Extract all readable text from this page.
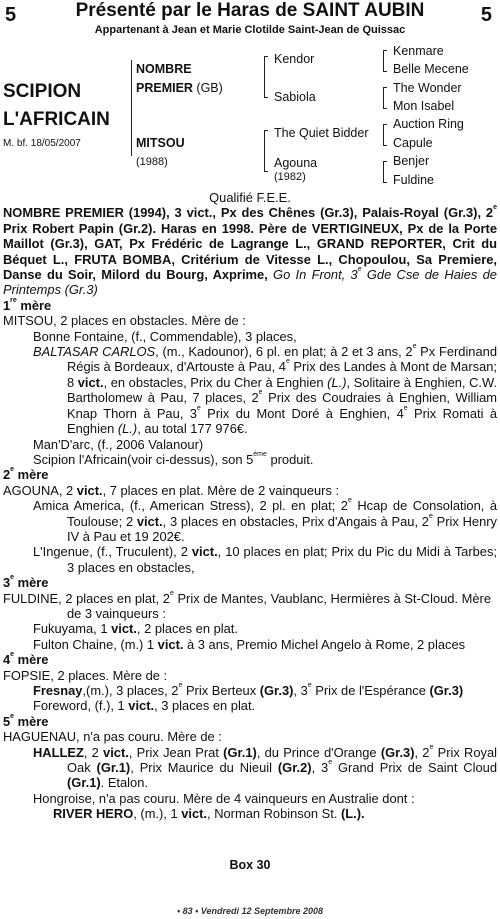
5	5
Présenté par le Haras de SAINT AUBIN
Appartenant à Jean et Marie Clotilde Saint-Jean de Quissac
SCIPION
L'AFRICAIN
M. bf. 18/05/2007
NOMBRE
PREMIER (GB)
MITSOU
(1988)
Kendor
Sabiola
The Quiet Bidder
Agouna
(1982)
Kenmare
Belle Mecene
The Wonder
Mon Isabel
Auction Ring
Capule
Benjer
Fuldine

Qualifié F.E.E.

NOMBRE PREMIER (1994), 3 vict., Px des Chênes (Gr.3), Palais-Royal (Gr.3), 2e Prix Robert Papin (Gr.2). Haras en 1998. Père de VERTIGINEUX, Px de la Porte Maillot (Gr.3), GAT, Px Frédéric de Lagrange L., GRAND REPORTER, Crit du Béquet L., FRUTA BOMBA, Critérium de Vitesse L., Chopoulou, Sa Premiere, Danse du Soir, Milord du Bourg, Axprime, Go In Front, 3e Gde Cse de Haies de Printemps (Gr.3)

1re mère

MITSOU, 2 places en obstacles. Mère de :

Bonne Fontaine, (f., Commendable), 3 places,

BALTASAR CARLOS, (m., Kadounor), 6 pl. en plat; à 2 et 3 ans, 2e Px Ferdinand Régis à Bordeaux, d'Artouste à Pau, 4e Prix des Landes à Mont de Marsan; 8 vict., en obstacles, Prix du Cher à Enghien (L.), Solitaire à Enghien, C.W. Bartholomew à Pau, 7 places, 2e Prix des Coudraies à Enghien, William Knap Thorn à Pau, 3e Prix du Mont Doré à Enghien, 4e Prix Romati à Enghien (L.), au total 177 976€.

Man'D'arc, (f., 2006 Valanour)

Scipion l'Africain(voir ci-dessus), son 5ème produit.

2e mère

AGOUNA, 2 vict., 7 places en plat. Mère de 2 vainqueurs :

Amica America, (f., American Stress), 2 pl. en plat; 2e Hcap de Consolation, à Toulouse; 2 vict., 3 places en obstacles, Prix d'Angais à Pau, 2e Prix Henry IV à Pau et 19 202€.

L'Ingenue, (f., Truculent), 2 vict., 10 places en plat; Prix du Pic du Midi à Tarbes; 3 places en obstacles,

3e mère

FULDINE, 2 places en plat, 2e Prix de Mantes, Vaublanc, Hermières à St-Cloud. Mère de 3 vainqueurs :

Fukuyama, 1 vict., 2 places en plat.

Fulton Chaine, (m.) 1 vict. à 3 ans, Premio Michel Angelo à Rome, 2 places

4e mère

FOPSIE, 2 places. Mère de :

Fresnay,(m.), 3 places, 2e Prix Berteux (Gr.3), 3e Prix de l'Espérance (Gr.3)

Foreword, (f.), 1 vict., 3 places en plat.

5e mère

HAGUENAU, n'a pas couru. Mère de :

HALLEZ, 2 vict., Prix Jean Prat (Gr.1), du Prince d'Orange (Gr.3), 2e Prix Royal Oak (Gr.1), Prix Maurice du Nieuil (Gr.2), 3e Grand Prix de Saint Cloud (Gr.1). Etalon.

Hongroise, n'a pas couru. Mère de 4 vainqueurs en Australie dont :

RIVER HERO, (m.), 1 vict., Norman Robinson St. (L.).

Box 30
• 83 • Vendredi 12 Septembre 2008
